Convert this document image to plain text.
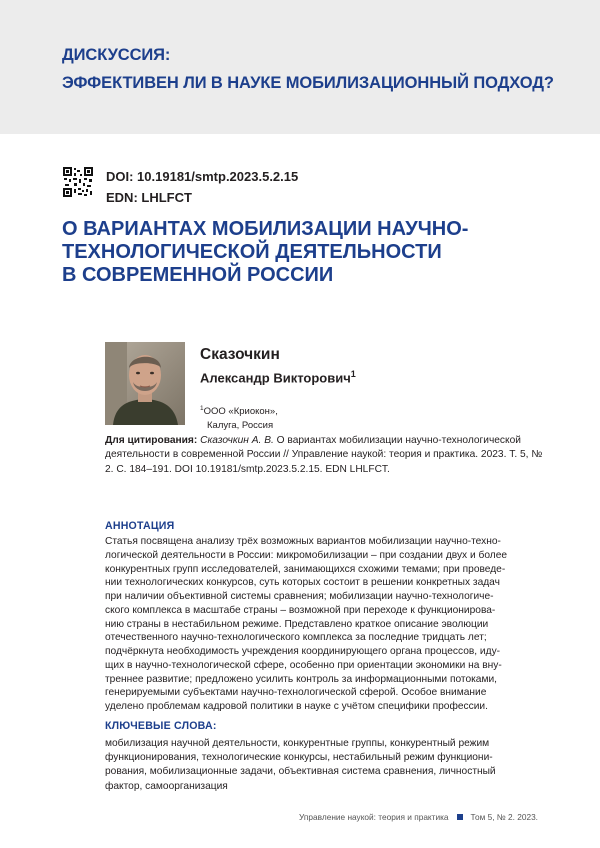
ДИСКУССИЯ:
ЭФФЕКТИВЕН ЛИ В НАУКЕ МОБИЛИЗАЦИОННЫЙ ПОДХОД?
DOI: 10.19181/smtp.2023.5.2.15
EDN: LHLFCT
О ВАРИАНТАХ МОБИЛИЗАЦИИ НАУЧНО-
ТЕХНОЛОГИЧЕСКОЙ ДЕЯТЕЛЬНОСТИ
В СОВРЕМЕННОЙ РОССИИ
Сказочкин
Александр Викторович$^1$
$^1$ООО «Криокон»,
Калуга, Россия
Для цитирования: Сказочкин А. В. О вариантах мобилизации научно-технологической деятельности в современной России // Управление наукой: теория и практика. 2023. Т. 5, № 2. С. 184–191. DOI 10.19181/smtp.2023.5.2.15. EDN LHLFCT.
АННОТАЦИЯ
Статья посвящена анализу трёх возможных вариантов мобилизации научно-техно-
логической деятельности в России: микромобилизации – при создании двух и более
конкурентных групп исследователей, занимающихся схожими темами; при проведе-
нии технологических конкурсов, суть которых состоит в решении конкретных задач
при наличии объективной системы сравнения; мобилизации научно-технологиче-
ского комплекса в масштабе страны – возможной при переходе к функционирова-
нию страны в нестабильном режиме. Представлено краткое описание эволюции
отечественного научно-технологического комплекса за последние тридцать лет;
подчёркнута необходимость учреждения координирующего органа процессов, иду-
щих в научно-технологической сфере, особенно при ориентации экономики на вну-
треннее развитие; предложено усилить контроль за информационными потоками,
генерируемыми субъектами научно-технологической сферой. Особое внимание
уделено проблемам кадровой политики в науке с учётом специфики профессии.
КЛЮЧЕВЫЕ СЛОВА:
мобилизация научной деятельности, конкурентные группы, конкурентный режим
функционирования, технологические конкурсы, нестабильный режим функциони-
рования, мобилизационные задачи, объективная система сравнения, личностный
фактор, самоорганизация
Управление наукой: теория и практика	Том 5, № 2. 2023.
